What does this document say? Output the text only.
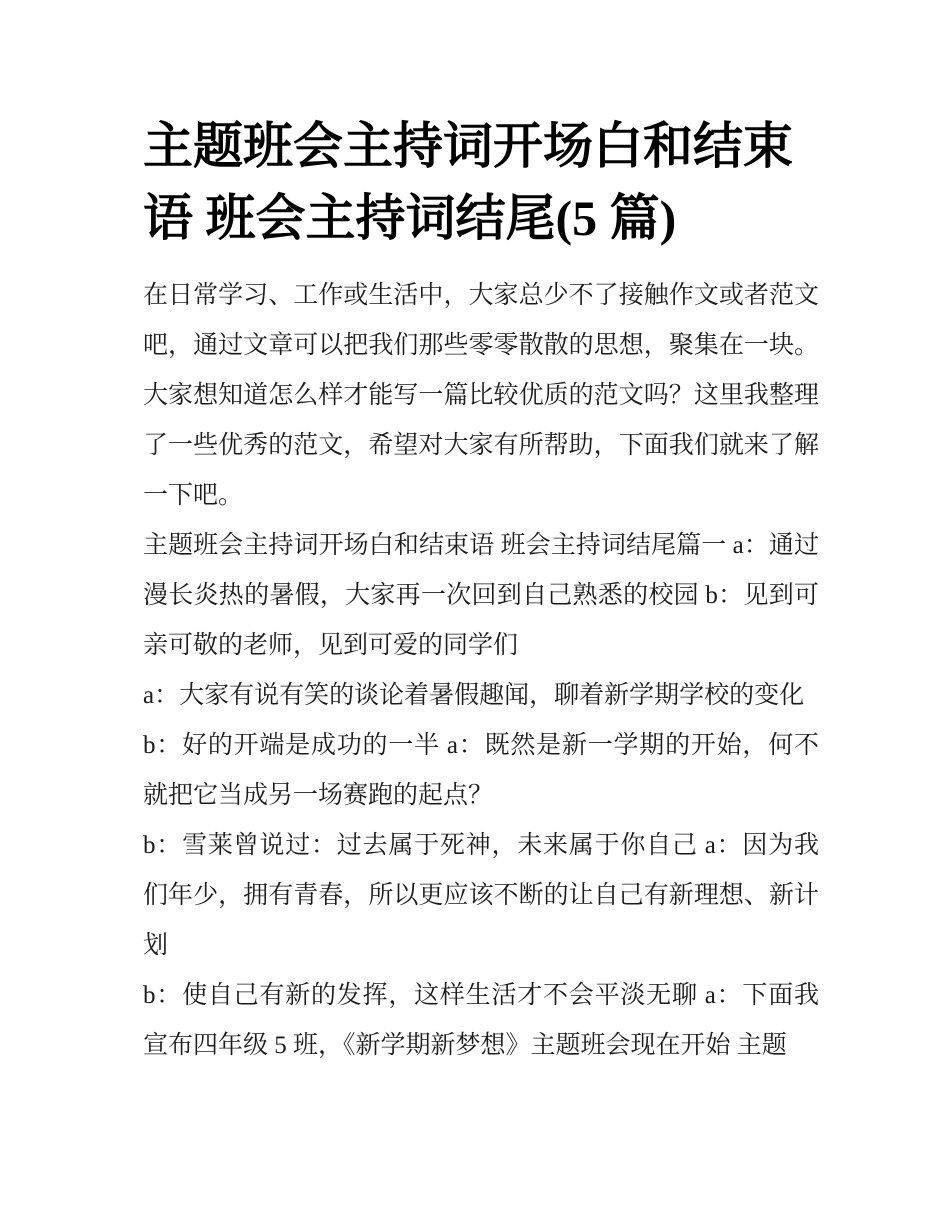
主题班会主持词开场白和结束语 班会主持词结尾(5 篇)

在日常学习、工作或生活中，大家总少不了接触作文或者范文吧，通过文章可以把我们那些零零散散的思想，聚集在一块。大家想知道怎么样才能写一篇比较优质的范文吗？这里我整理了一些优秀的范文，希望对大家有所帮助，下面我们就来了解一下吧。

主题班会主持词开场白和结束语 班会主持词结尾篇一 a：通过漫长炎热的暑假，大家再一次回到自己熟悉的校园 b：见到可亲可敬的老师，见到可爱的同学们

a：大家有说有笑的谈论着暑假趣闻，聊着新学期学校的变化

b：好的开端是成功的一半 a：既然是新一学期的开始，何不就把它当成另一场赛跑的起点？

b：雪莱曾说过：过去属于死神，未来属于你自己 a：因为我们年少，拥有青春，所以更应该不断的让自己有新理想、新计划

b：使自己有新的发挥，这样生活才不会平淡无聊 a：下面我宣布四年级 5 班，《新学期新梦想》主题班会现在开始 主题
